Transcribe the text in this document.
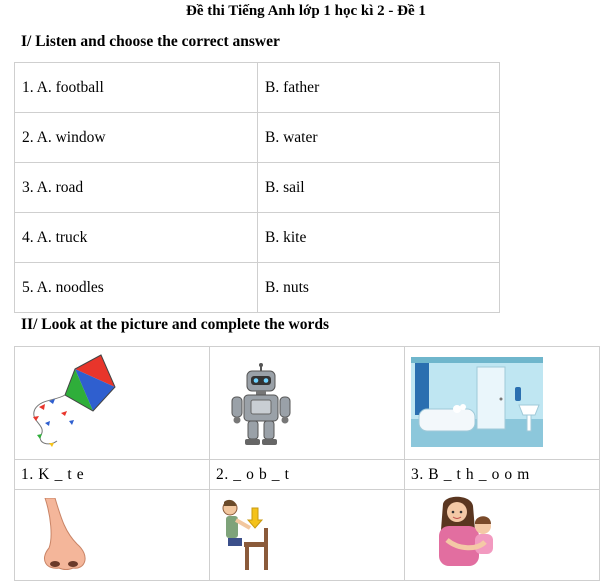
Đề thi Tiếng Anh lớp 1 học kì 2 - Đề 1
I/ Listen and choose the correct answer
1. A. football	B. father
2. A. window	B. water
3. A. road	B. sail
4. A. truck	B. kite
5. A. noodles	B. nuts
II/ Look at the picture and complete the words

1. K _ t e	2. _ o b _ t	3. B _ t h _ o o m
